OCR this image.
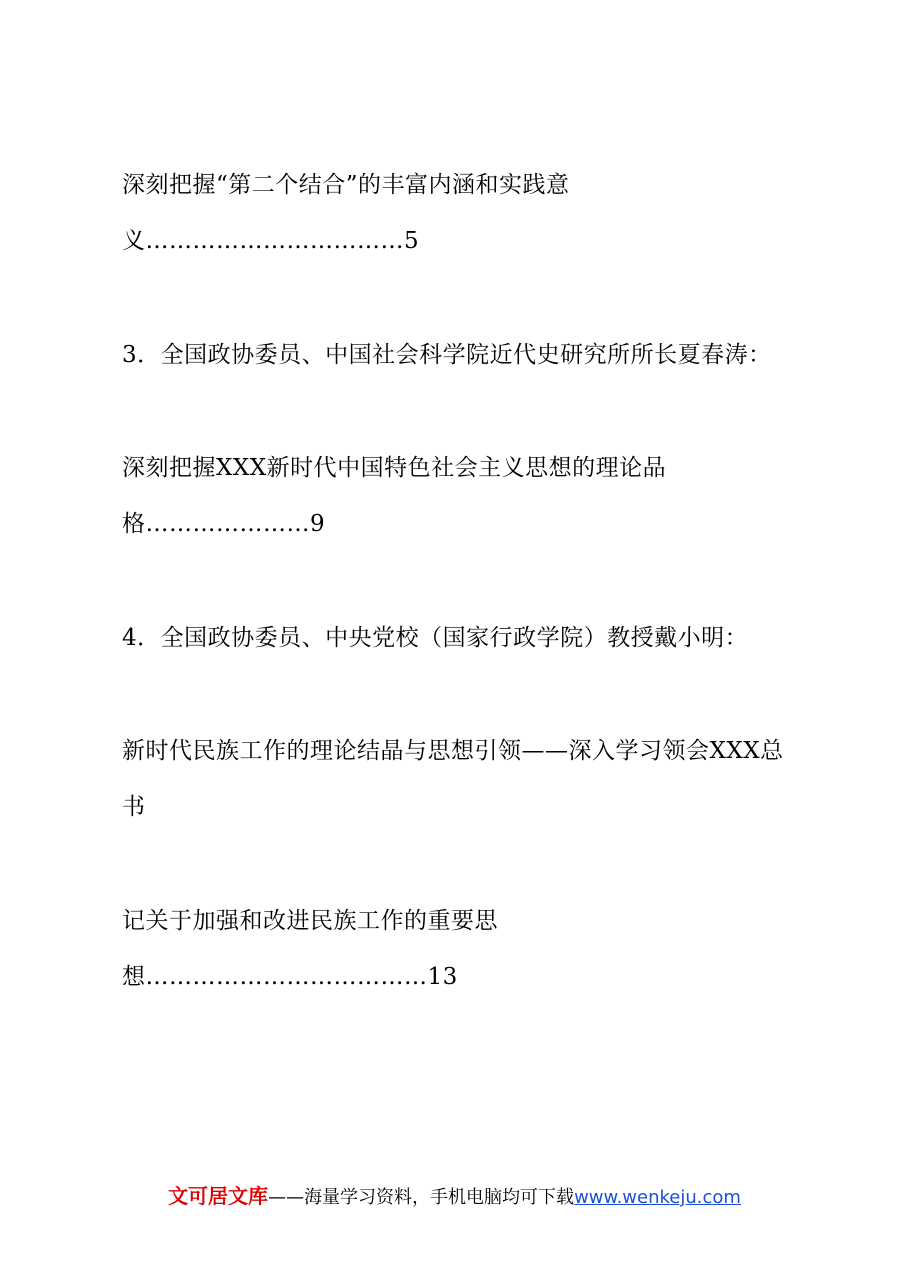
深刻把握“第二个结合”的丰富内涵和实践意
义……………………………5
3．全国政协委员、中国社会科学院近代史研究所所长夏春涛：
深刻把握XXX新时代中国特色社会主义思想的理论品
格…………………9
4．全国政协委员、中央党校（国家行政学院）教授戴小明：
新时代民族工作的理论结晶与思想引领——深入学习领会XXX总
书
记关于加强和改进民族工作的重要思
想………………………………13
文可居文库——海量学习资料，手机电脑均可下载www.wenkeju.com
